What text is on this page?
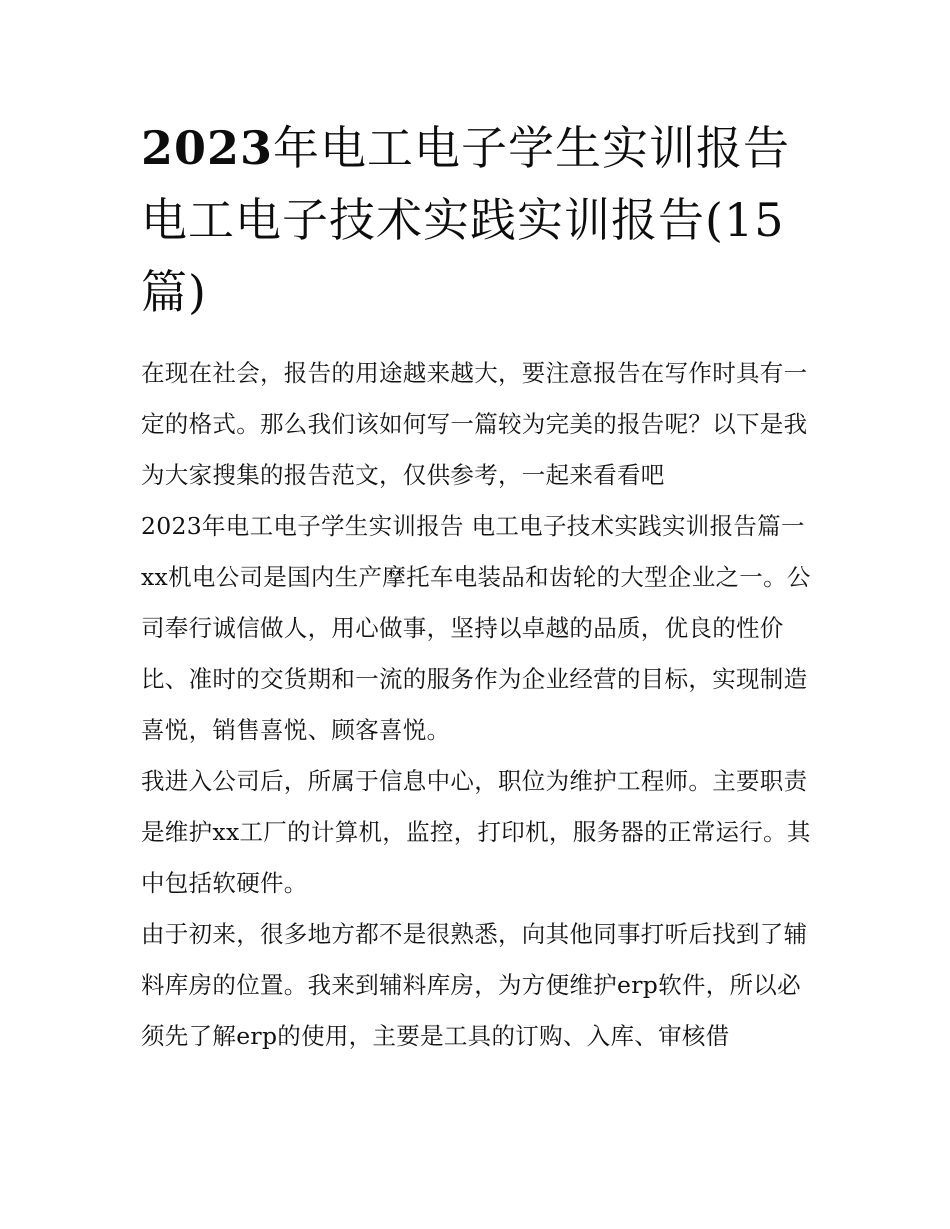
2023年电工电子学生实训报告 电工电子技术实践实训报告(15篇)

在现在社会，报告的用途越来越大，要注意报告在写作时具有一定的格式。那么我们该如何写一篇较为完美的报告呢？以下是我为大家搜集的报告范文，仅供参考，一起来看看吧

2023年电工电子学生实训报告 电工电子技术实践实训报告篇一

xx机电公司是国内生产摩托车电装品和齿轮的大型企业之一。公司奉行诚信做人，用心做事，坚持以卓越的品质，优良的性价比、准时的交货期和一流的服务作为企业经营的目标，实现制造喜悦，销售喜悦、顾客喜悦。

我进入公司后，所属于信息中心，职位为维护工程师。主要职责是维护xx工厂的计算机，监控，打印机，服务器的正常运行。其中包括软硬件。

由于初来，很多地方都不是很熟悉，向其他同事打听后找到了辅料库房的位置。我来到辅料库房，为方便维护erp软件，所以必须先了解erp的使用，主要是工具的订购、入库、审核借
